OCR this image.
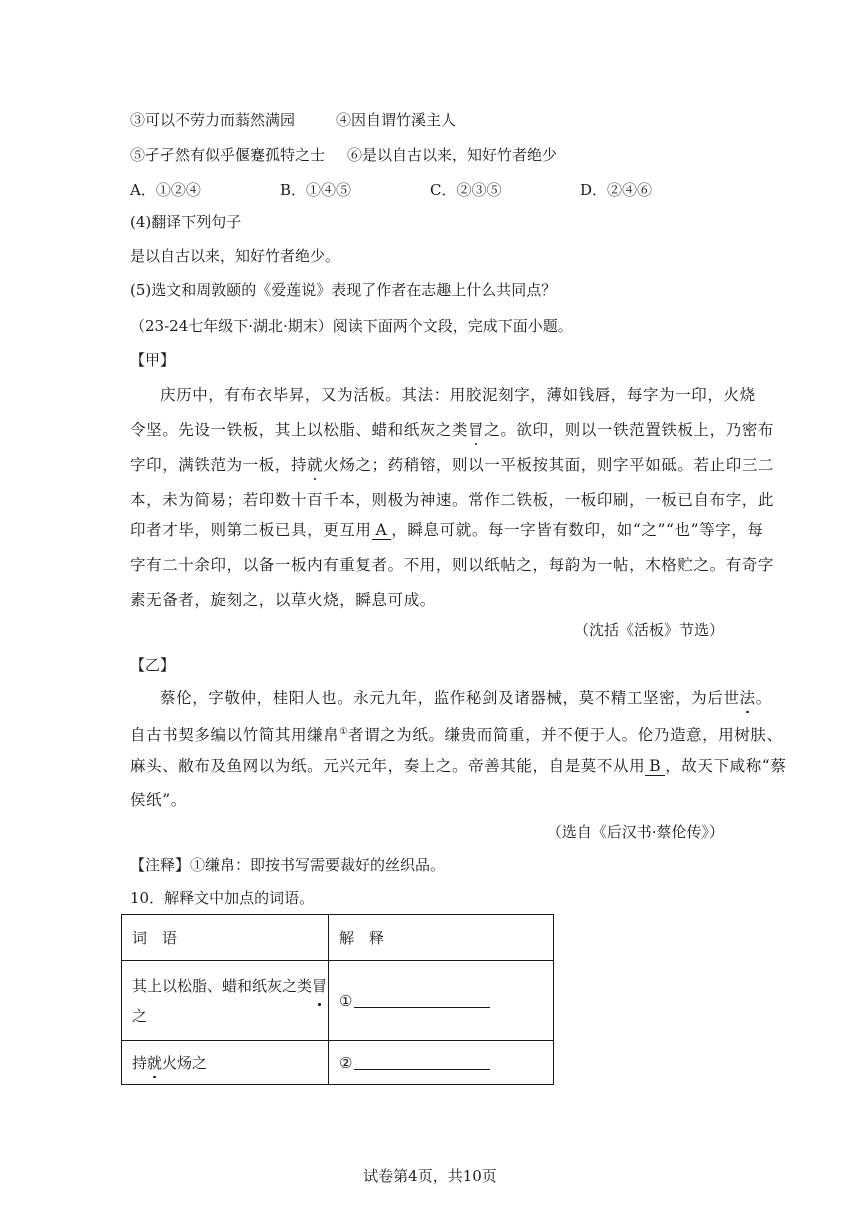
③可以不劳力而蓊然满园	④因自谓竹溪主人
⑤孑孑然有似乎偃蹇孤特之士 ⑥是以自古以来，知好竹者绝少
A．①②④	B．①④⑤	C．②③⑤	D．②④⑥
(4)翻译下列句子
是以自古以来，知好竹者绝少。
(5)选文和周敦颐的《爱莲说》表现了作者在志趣上什么共同点？
（23-24七年级下·湖北·期末）阅读下面两个文段，完成下面小题。
【甲】
庆历中，有布衣毕昇，又为活板。其法：用胶泥刻字，薄如钱唇，每字为一印，火烧
令坚。先设一铁板，其上以松脂、蜡和纸灰之类冒之。欲印，则以一铁范置铁板上，乃密布
字印，满铁范为一板，持就火炀之；药稍镕，则以一平板按其面，则字平如砥。若止印三二
本，未为简易；若印数十百千本，则极为神速。常作二铁板，一板印刷，一板已自布字，此
印者才毕，则第二板已具，更互用 A ，瞬息可就。每一字皆有数印，如“之”“也”等字，每
字有二十余印，以备一板内有重复者。不用，则以纸帖之，每韵为一帖，木格贮之。有奇字
素无备者，旋刻之，以草火烧，瞬息可成。
（沈括《活板》节选）
【乙】
蔡伦，字敬仲，桂阳人也。永元九年，监作秘剑及诸器械，莫不精工坚密，为后世法。
自古书契多编以竹简其用缣帛①者谓之为纸。缣贵而简重，并不便于人。伦乃造意，用树肤、
麻头、敝布及鱼网以为纸。元兴元年，奏上之。帝善其能，自是莫不从用 B ，故天下咸称“蔡
侯纸”。
（选自《后汉书·蔡伦传》）
【注释】①缣帛：即按书写需要裁好的丝织品。
10．解释文中加点的词语。
词　语	解　释
其上以松脂、蜡和纸灰之类冒
之	①
持就火炀之	②
试卷第4页，共10页
